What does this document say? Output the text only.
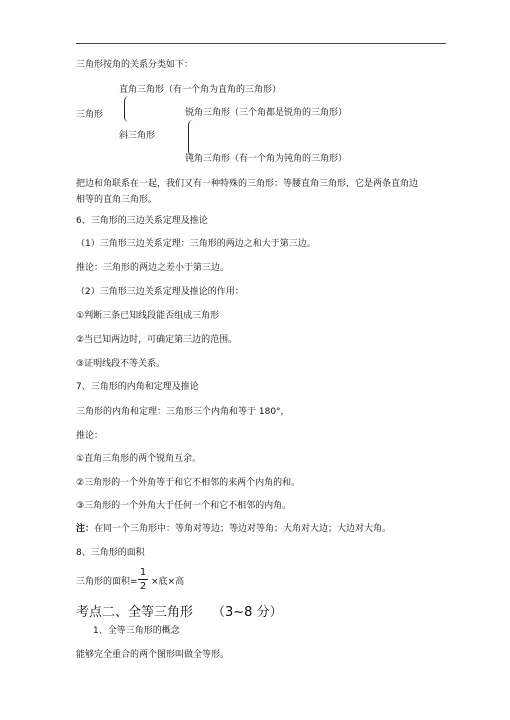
三角形按角的关系分类如下：
直角三角形（有一个角为直角的三角形）
三角形	锐角三角形（三个角都是锐角的三角形）
斜三角形
钝角三角形（有一个角为钝角的三角形）
把边和角联系在一起，我们又有一种特殊的三角形：等腰直角三角形，它是两条直角边
相等的直角三角形。
6、三角形的三边关系定理及推论
（1）三角形三边关系定理：三角形的两边之和大于第三边。
推论：三角形的两边之差小于第三边。
（2）三角形三边关系定理及推论的作用：
①判断三条已知线段能否组成三角形
②当已知两边时，可确定第三边的范围。
③证明线段不等关系。
7、三角形的内角和定理及推论
三角形的内角和定理：三角形三个内角和等于 180°，
推论：
①直角三角形的两个锐角互余。
②三角形的一个外角等于和它不相邻的来两个内角的和。
③三角形的一个外角大于任何一个和它不相邻的内角。
注：在同一个三角形中：等角对等边；等边对等角；大角对大边；大边对大角。
8、三角形的面积
三角形的面积=
1
2 ×底×高
考点二、全等三角形 （3~8 分）
1、全等三角形的概念
能够完全重合的两个图形叫做全等形。
